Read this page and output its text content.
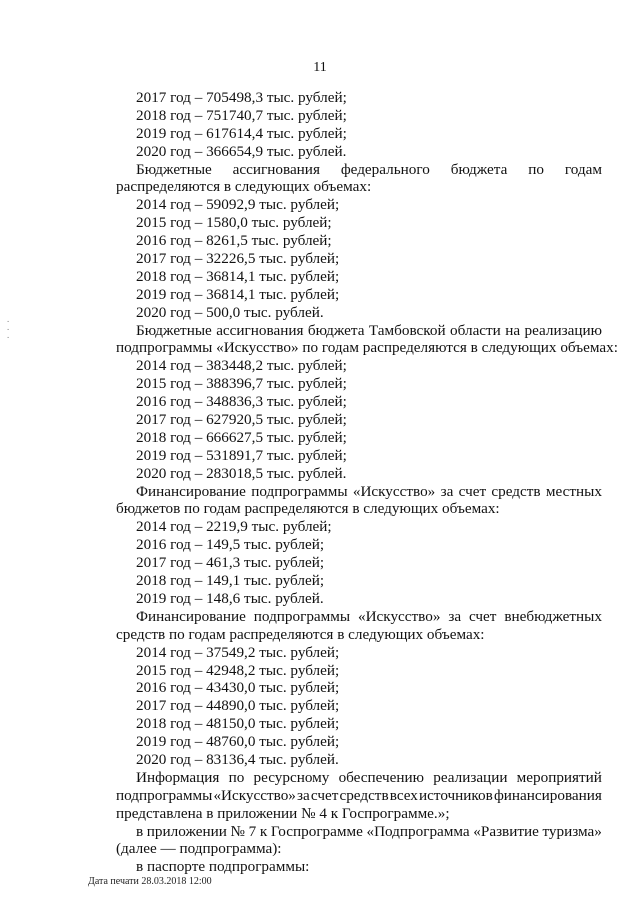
·
·
·
11
2017 год – 705498,3 тыс. рублей;
2018 год – 751740,7 тыс. рублей;
2019 год – 617614,4 тыс. рублей;
2020 год – 366654,9 тыс. рублей.
Бюджетные ассигнования федерального бюджета по годам
распределяются в следующих объемах:
2014 год – 59092,9 тыс. рублей;
2015 год – 1580,0 тыс. рублей;
2016 год – 8261,5 тыс. рублей;
2017 год – 32226,5 тыс. рублей;
2018 год – 36814,1 тыс. рублей;
2019 год – 36814,1 тыс. рублей;
2020 год – 500,0 тыс. рублей.
Бюджетные ассигнования бюджета Тамбовской области на реализацию
подпрограммы «Искусство» по годам распределяются в следующих объемах:
2014 год – 383448,2 тыс. рублей;
2015 год – 388396,7 тыс. рублей;
2016 год – 348836,3 тыс. рублей;
2017 год – 627920,5 тыс. рублей;
2018 год – 666627,5 тыс. рублей;
2019 год – 531891,7 тыс. рублей;
2020 год – 283018,5 тыс. рублей.
Финансирование подпрограммы «Искусство» за счет средств местных
бюджетов по годам распределяются в следующих объемах:
2014 год – 2219,9 тыс. рублей;
2016 год – 149,5 тыс. рублей;
2017 год – 461,3 тыс. рублей;
2018 год – 149,1 тыс. рублей;
2019 год – 148,6 тыс. рублей.
Финансирование подпрограммы «Искусство» за счет внебюджетных
средств по годам распределяются в следующих объемах:
2014 год – 37549,2 тыс. рублей;
2015 год – 42948,2 тыс. рублей;
2016 год – 43430,0 тыс. рублей;
2017 год – 44890,0 тыс. рублей;
2018 год – 48150,0 тыс. рублей;
2019 год – 48760,0 тыс. рублей;
2020 год – 83136,4 тыс. рублей.
Информация по ресурсному обеспечению реализации мероприятий
подпрограммы «Искусство» за счет средств всех источников финансирования
представлена в приложении № 4 к Госпрограмме.»;
в приложении № 7 к Госпрограмме «Подпрограмма «Развитие туризма»
(далее — подпрограмма):
в паспорте подпрограммы:
Дата печати 28.03.2018 12:00
